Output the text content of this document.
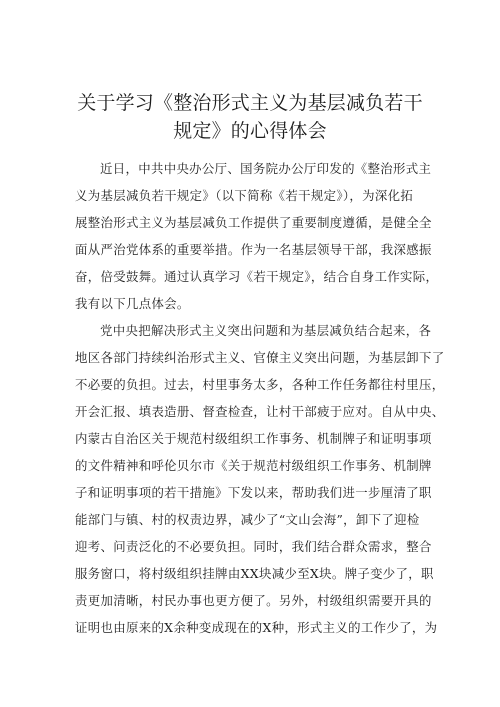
关于学习《整治形式主义为基层减负若干
规定》的心得体会
近日，中共中央办公厅、国务院办公厅印发的《整治形式主
义为基层减负若干规定》（以下简称《若干规定》），为深化拓
展整治形式主义为基层减负工作提供了重要制度遵循，是健全全
面从严治党体系的重要举措。作为一名基层领导干部，我深感振
奋，倍受鼓舞。通过认真学习《若干规定》，结合自身工作实际，
我有以下几点体会。
党中央把解决形式主义突出问题和为基层减负结合起来，各
地区各部门持续纠治形式主义、官僚主义突出问题，为基层卸下了
不必要的负担。过去，村里事务太多，各种工作任务都往村里压，
开会汇报、填表造册、督查检查，让村干部疲于应对。自从中央、
内蒙古自治区关于规范村级组织工作事务、机制牌子和证明事项
的文件精神和呼伦贝尔市《关于规范村级组织工作事务、机制牌
子和证明事项的若干措施》下发以来，帮助我们进一步厘清了职
能部门与镇、村的权责边界，减少了“文山会海”，卸下了迎检
迎考、问责泛化的不必要负担。同时，我们结合群众需求，整合
服务窗口，将村级组织挂牌由XX块减少至X块。牌子变少了，职
责更加清晰，村民办事也更方便了。另外，村级组织需要开具的
证明也由原来的X余种变成现在的X种，形式主义的工作少了，为
